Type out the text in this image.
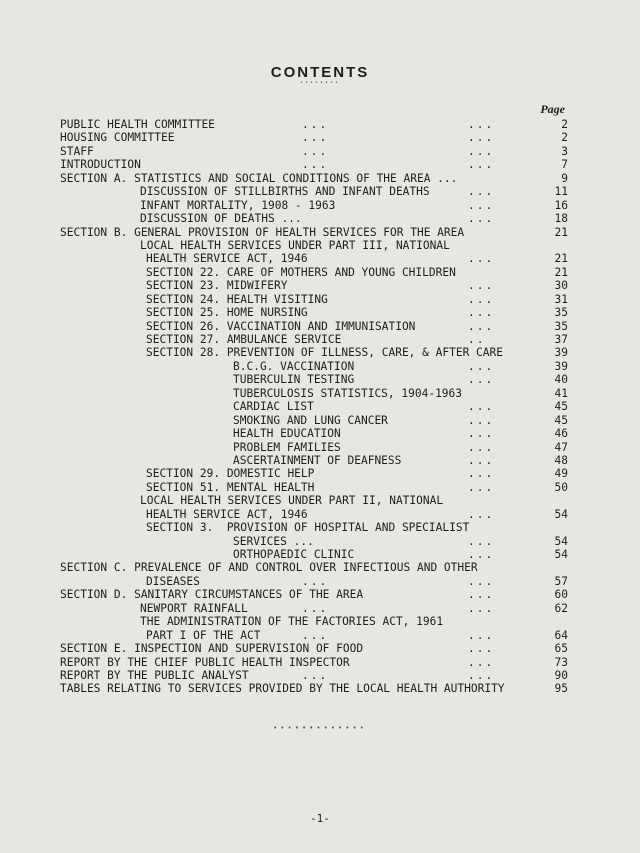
CONTENTS
••••••••
Page
PUBLIC HEALTH COMMITTEE	...	...	2
HOUSING COMMITTEE	...	...	2
STAFF	...	...	3
INTRODUCTION	...	...	7
SECTION A. STATISTICS AND SOCIAL CONDITIONS OF THE AREA ...	9
DISCUSSION OF STILLBIRTHS AND INFANT DEATHS	...	11
INFANT MORTALITY, 1908 - 1963	...	16
DISCUSSION OF DEATHS ...	...	18
SECTION B. GENERAL PROVISION OF HEALTH SERVICES FOR THE AREA	21
LOCAL HEALTH SERVICES UNDER PART III, NATIONAL
HEALTH SERVICE ACT, 1946	...	21
SECTION 22. CARE OF MOTHERS AND YOUNG CHILDREN	21
SECTION 23. MIDWIFERY	...	30
SECTION 24. HEALTH VISITING	...	31
SECTION 25. HOME NURSING	...	35
SECTION 26. VACCINATION AND IMMUNISATION	...	35
SECTION 27. AMBULANCE SERVICE	..	37
SECTION 28. PREVENTION OF ILLNESS, CARE, & AFTER CARE	39
B.C.G. VACCINATION	...	39
TUBERCULIN TESTING	...	40
TUBERCULOSIS STATISTICS, 1904-1963	41
CARDIAC LIST	...	45
SMOKING AND LUNG CANCER	...	45
HEALTH EDUCATION	...	46
PROBLEM FAMILIES	...	47
ASCERTAINMENT OF DEAFNESS	...	48
SECTION 29. DOMESTIC HELP	...	49
SECTION 51. MENTAL HEALTH	...	50
LOCAL HEALTH SERVICES UNDER PART II, NATIONAL
HEALTH SERVICE ACT, 1946	...	54
SECTION 3.  PROVISION OF HOSPITAL AND SPECIALIST
SERVICES ...	...	54
ORTHOPAEDIC CLINIC	...	54
SECTION C. PREVALENCE OF AND CONTROL OVER INFECTIOUS AND OTHER
DISEASES	...	...	57
SECTION D. SANITARY CIRCUMSTANCES OF THE AREA	...	60
NEWPORT RAINFALL	...	...	62
THE ADMINISTRATION OF THE FACTORIES ACT, 1961
PART I OF THE ACT	...	...	64
SECTION E. INSPECTION AND SUPERVISION OF FOOD	...	65
REPORT BY THE CHIEF PUBLIC HEALTH INSPECTOR	...	73
REPORT BY THE PUBLIC ANALYST	...	...	90
TABLES RELATING TO SERVICES PROVIDED BY THE LOCAL HEALTH AUTHORITY	95
•••••••••••••
-1-
